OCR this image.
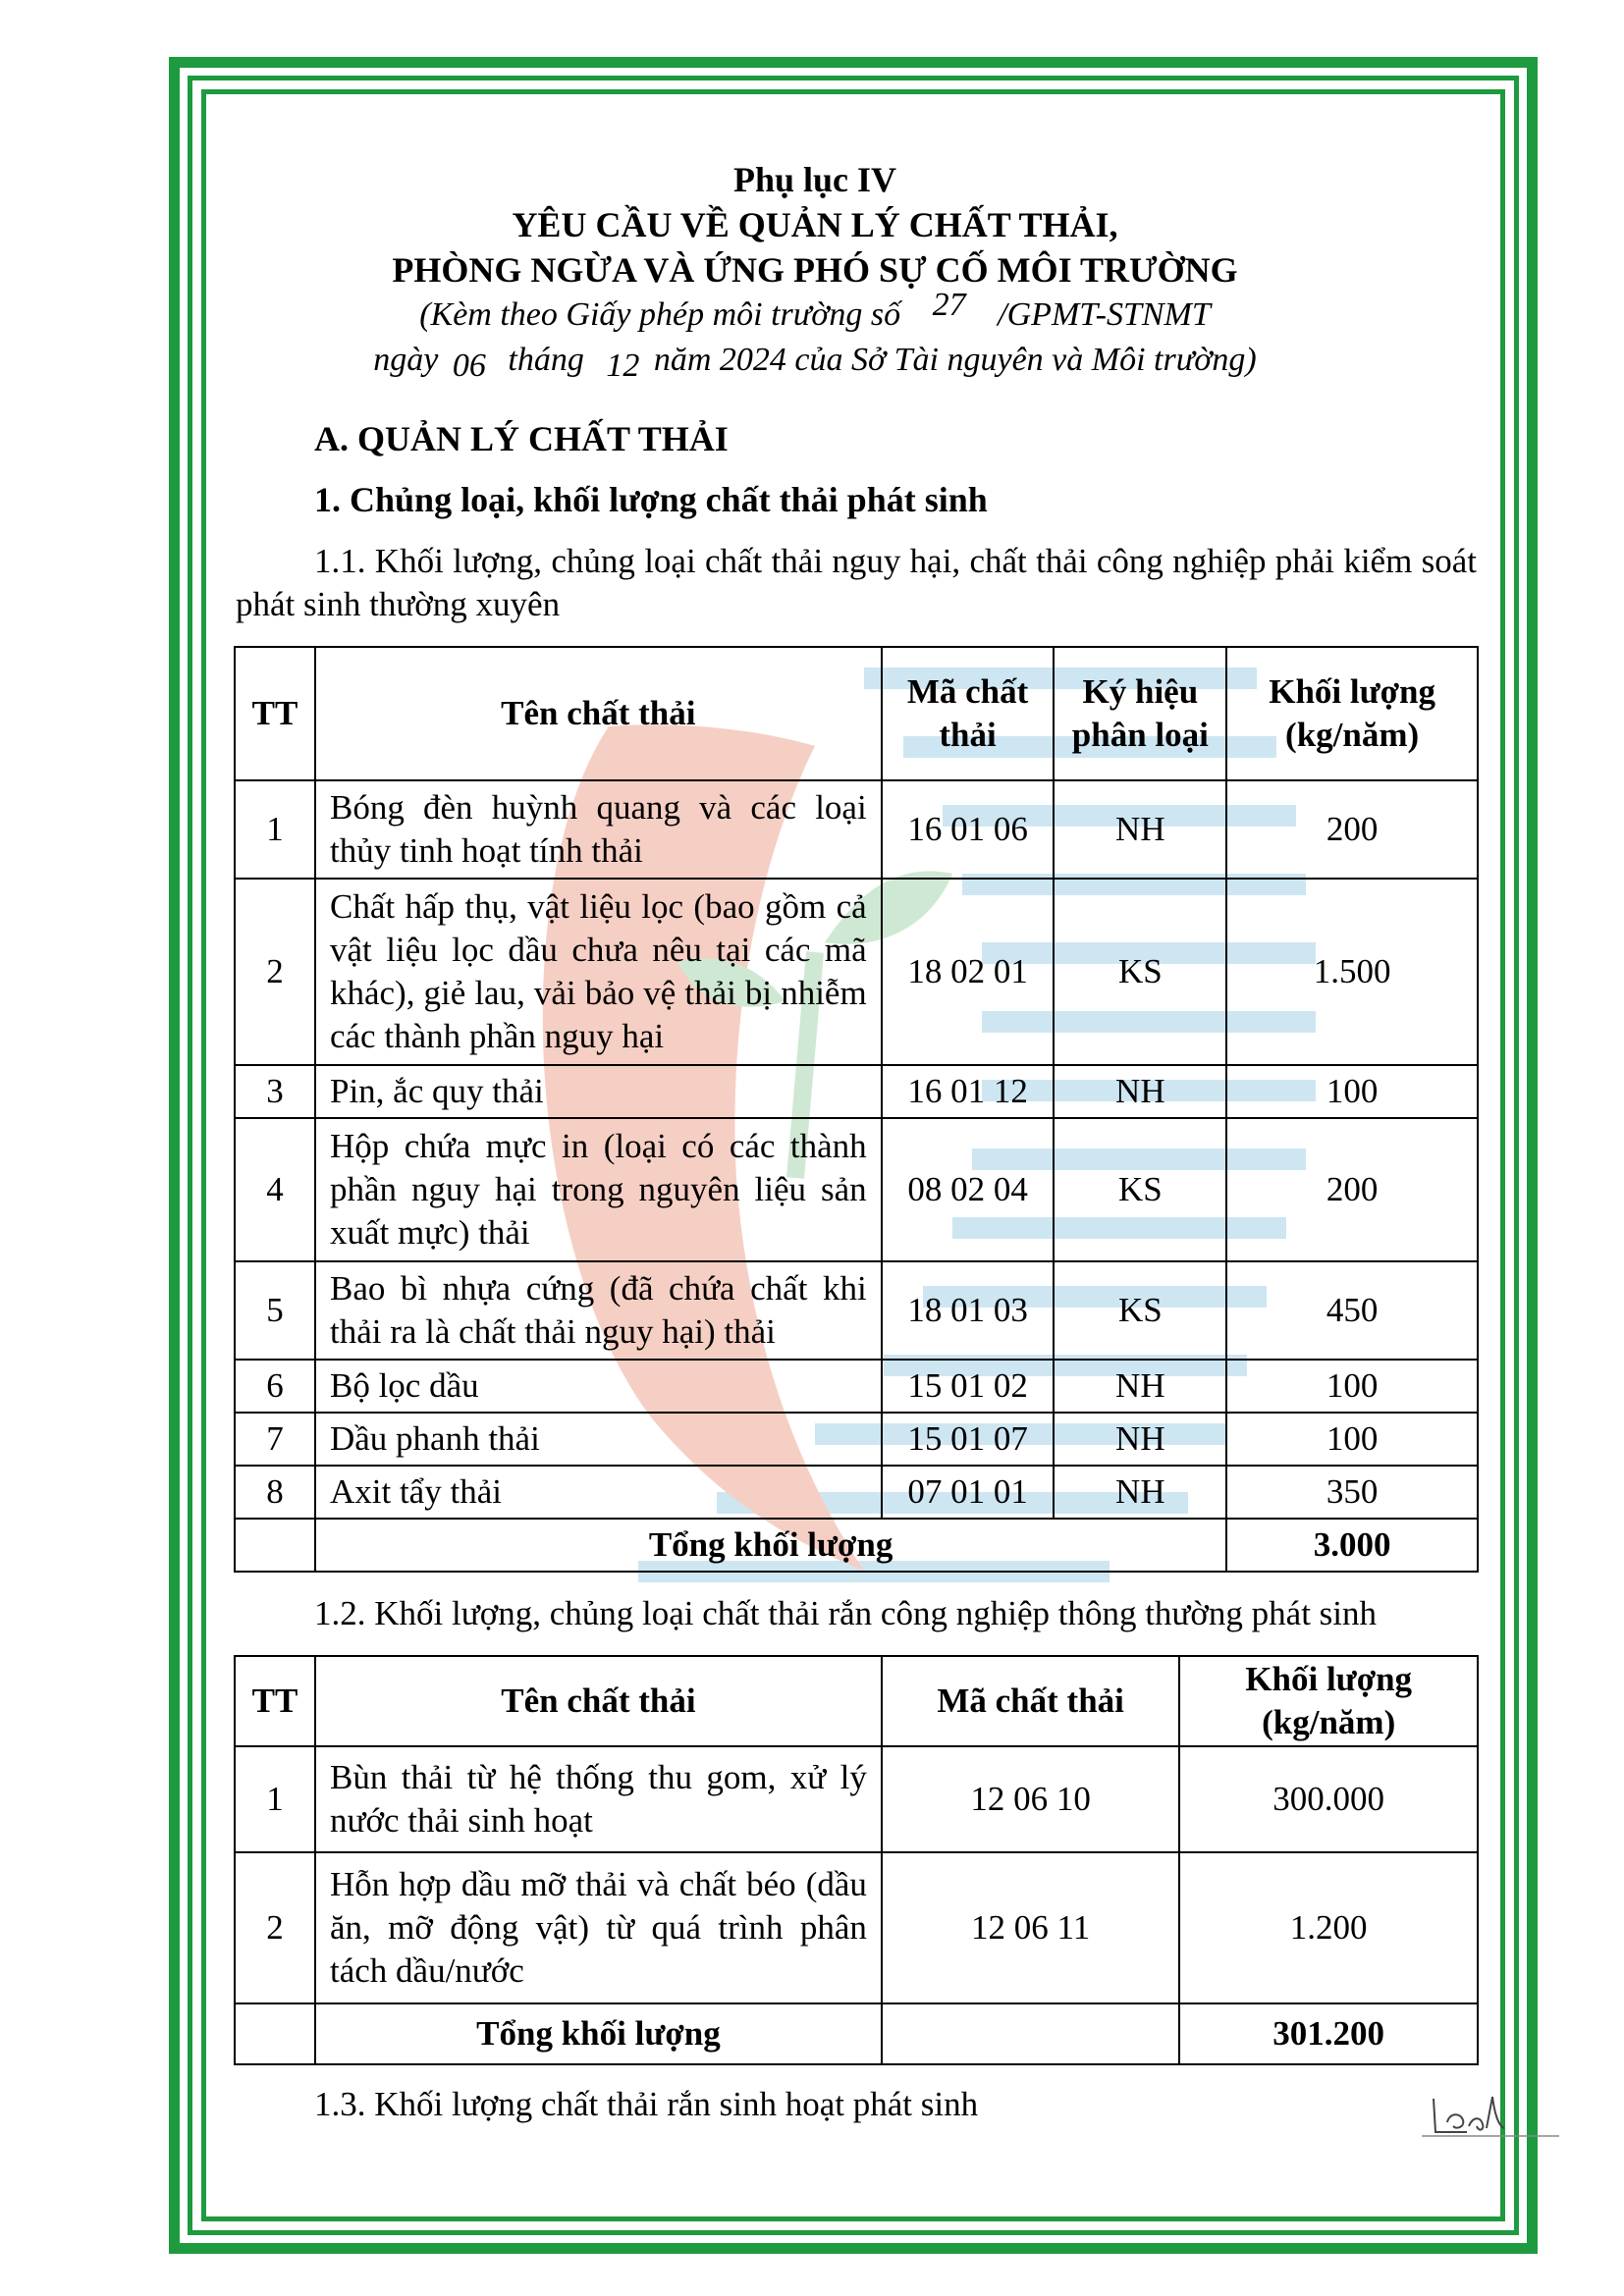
Phụ lục IV
YÊU CẦU VỀ QUẢN LÝ CHẤT THẢI,
PHÒNG NGỪA VÀ ỨNG PHÓ SỰ CỐ MÔI TRƯỜNG
(Kèm theo Giấy phép môi trường số 27 /GPMT-STNMT
ngày 06 tháng 12 năm 2024 của Sở Tài nguyên và Môi trường)
A. QUẢN LÝ CHẤT THẢI
1. Chủng loại, khối lượng chất thải phát sinh
1.1. Khối lượng, chủng loại chất thải nguy hại, chất thải công nghiệp phải kiểm soát phát sinh thường xuyên
TT	Tên chất thải	Mã chất thải	Ký hiệu phân loại	Khối lượng (kg/năm)
1	Bóng đèn huỳnh quang và các loại thủy tinh hoạt tính thải	16 01 06	NH	200
2	Chất hấp thụ, vật liệu lọc (bao gồm cả vật liệu lọc dầu chưa nêu tại các mã khác), giẻ lau, vải bảo vệ thải bị nhiễm các thành phần nguy hại	18 02 01	KS	1.500
3	Pin, ắc quy thải	16 01 12	NH	100
4	Hộp chứa mực in (loại có các thành phần nguy hại trong nguyên liệu sản xuất mực) thải	08 02 04	KS	200
5	Bao bì nhựa cứng (đã chứa chất khi thải ra là chất thải nguy hại) thải	18 01 03	KS	450
6	Bộ lọc dầu	15 01 02	NH	100
7	Dầu phanh thải	15 01 07	NH	100
8	Axit tẩy thải	07 01 01	NH	350
	Tổng khối lượng			3.000
1.2. Khối lượng, chủng loại chất thải rắn công nghiệp thông thường phát sinh
TT	Tên chất thải	Mã chất thải	Khối lượng (kg/năm)
1	Bùn thải từ hệ thống thu gom, xử lý nước thải sinh hoạt	12 06 10	300.000
2	Hỗn hợp dầu mỡ thải và chất béo (dầu ăn, mỡ động vật) từ quá trình phân tách dầu/nước	12 06 11	1.200
	Tổng khối lượng		301.200
1.3. Khối lượng chất thải rắn sinh hoạt phát sinh
